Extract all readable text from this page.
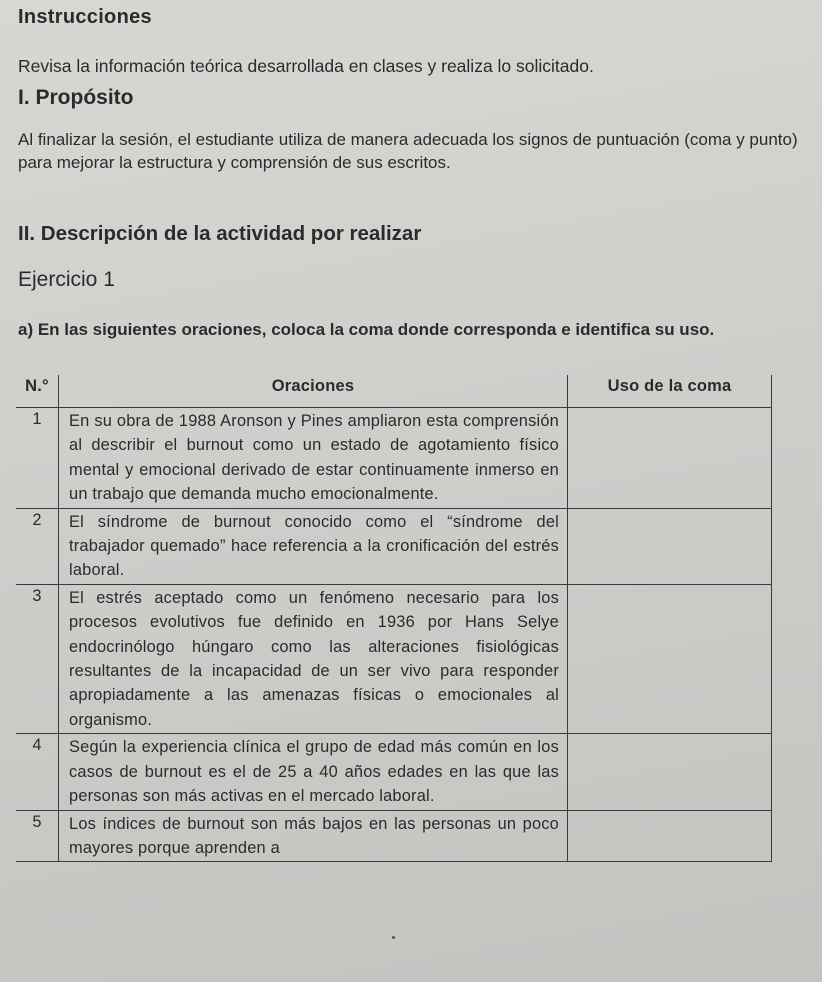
Instrucciones
Revisa la información teórica desarrollada en clases y realiza lo solicitado.
I. Propósito
Al finalizar la sesión, el estudiante utiliza de manera adecuada los signos de puntuación (coma y punto) para mejorar la estructura y comprensión de sus escritos.
II. Descripción de la actividad por realizar
Ejercicio 1
a) En las siguientes oraciones, coloca la coma donde corresponda e identifica su uso.
N.°	Oraciones	Uso de la coma
1	En su obra de 1988 Aronson y Pines ampliaron esta comprensión al describir el burnout como un estado de agotamiento físico mental y emocional derivado de estar continuamente inmerso en un trabajo que demanda mucho emocionalmente.	
2	El síndrome de burnout conocido como el “síndrome del trabajador quemado” hace referencia a la cronificación del estrés laboral.	
3	El estrés aceptado como un fenómeno necesario para los procesos evolutivos fue definido en 1936 por Hans Selye endocrinólogo húngaro como las alteraciones fisiológicas resultantes de la incapacidad de un ser vivo para responder apropiadamente a las amenazas físicas o emocionales al organismo.	
4	Según la experiencia clínica el grupo de edad más común en los casos de burnout es el de 25 a 40 años edades en las que las personas son más activas en el mercado laboral.	
5	Los índices de burnout son más bajos en las personas un poco mayores porque aprenden a	
